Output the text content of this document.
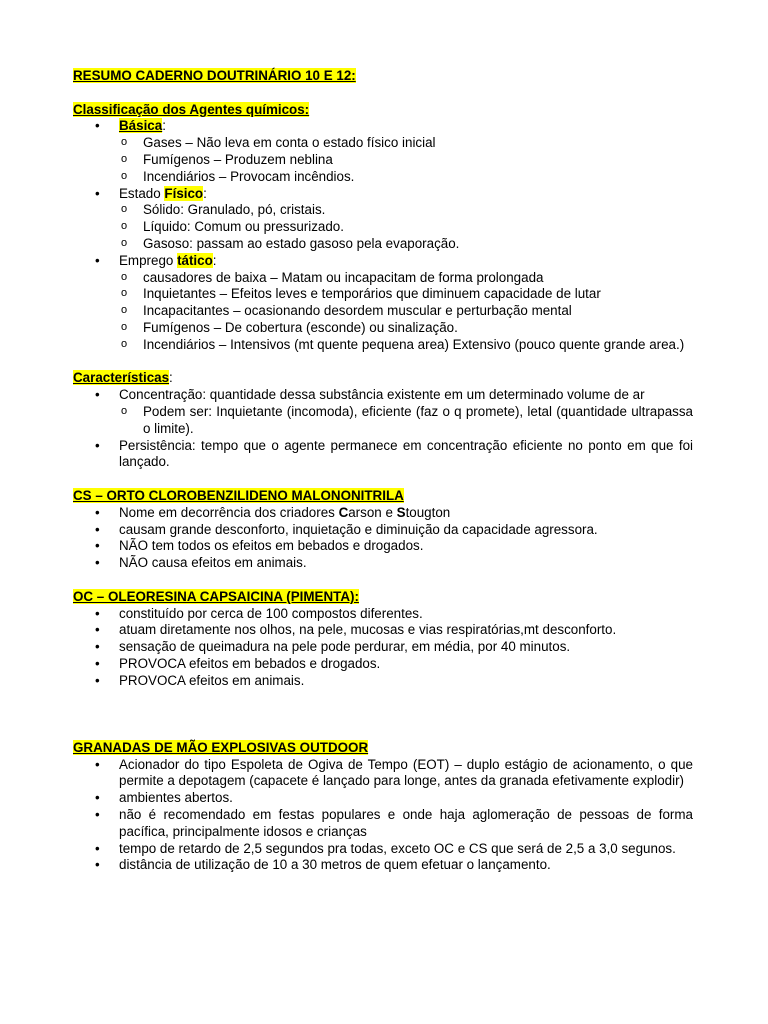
RESUMO CADERNO DOUTRINÁRIO 10 E 12:
Classificação dos Agentes químicos:
• Básica:
o Gases – Não leva em conta o estado físico inicial
o Fumígenos – Produzem neblina
o Incendiários – Provocam incêndios.
• Estado Físico:
o Sólido: Granulado, pó, cristais.
o Líquido: Comum ou pressurizado.
o Gasoso: passam ao estado gasoso pela evaporação.
• Emprego tático:
o causadores de baixa – Matam ou incapacitam de forma prolongada
o Inquietantes – Efeitos leves e temporários que diminuem capacidade de lutar
o Incapacitantes – ocasionando desordem muscular e perturbação mental
o Fumígenos – De cobertura (esconde) ou sinalização.
o Incendiários – Intensivos (mt quente pequena area) Extensivo (pouco quente grande area.)
Características:
• Concentração: quantidade dessa substância existente em um determinado volume de ar
o Podem ser: Inquietante (incomoda), eficiente (faz o q promete), letal (quantidade ultrapassa o limite).
• Persistência: tempo que o agente permanece em concentração eficiente no ponto em que foi lançado.
CS – ORTO CLOROBENZILIDENO MALONONITRILA
• Nome em decorrência dos criadores Carson e Stougton
• causam grande desconforto, inquietação e diminuição da capacidade agressora.
• NÃO tem todos os efeitos em bebados e drogados.
• NÃO causa efeitos em animais.
OC – OLEORESINA CAPSAICINA (PIMENTA):
• constituído por cerca de 100 compostos diferentes.
• atuam diretamente nos olhos, na pele, mucosas e vias respiratórias,mt desconforto.
• sensação de queimadura na pele pode perdurar, em média, por 40 minutos.
• PROVOCA efeitos em bebados e drogados.
• PROVOCA efeitos em animais.
GRANADAS DE MÃO EXPLOSIVAS OUTDOOR
• Acionador do tipo Espoleta de Ogiva de Tempo (EOT) – duplo estágio de acionamento, o que permite a depotagem (capacete é lançado para longe, antes da granada efetivamente explodir)
• ambientes abertos.
• não é recomendado em festas populares e onde haja aglomeração de pessoas de forma pacífica, principalmente idosos e crianças
• tempo de retardo de 2,5 segundos pra todas, exceto OC e CS que será de 2,5 a 3,0 segunos.
• distância de utilização de 10 a 30 metros de quem efetuar o lançamento.
